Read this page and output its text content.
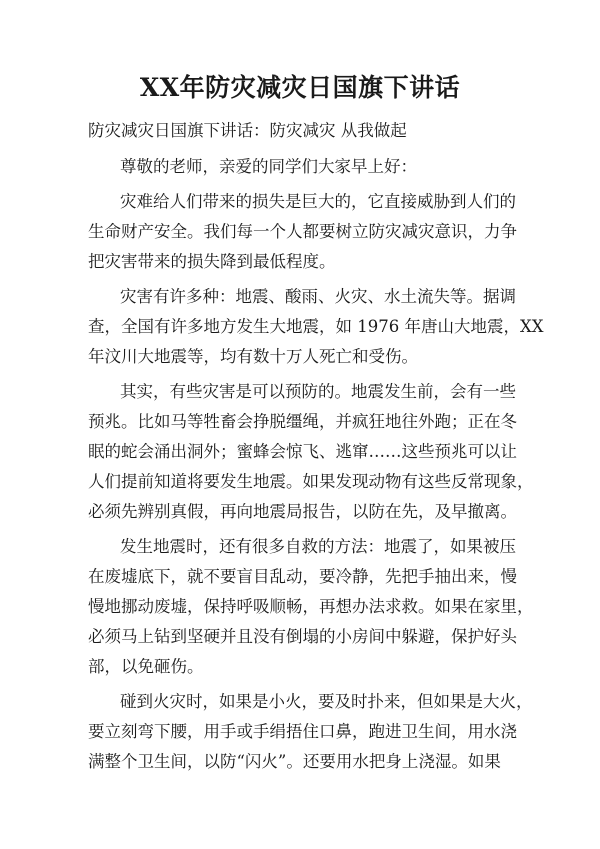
XX年防灾减灾日国旗下讲话
防灾减灾日国旗下讲话：防灾减灾 从我做起
尊敬的老师，亲爱的同学们大家早上好：
灾难给人们带来的损失是巨大的，它直接威胁到人们的
生命财产安全。我们每一个人都要树立防灾减灾意识，力争
把灾害带来的损失降到最低程度。
灾害有许多种：地震、酸雨、火灾、水土流失等。据调
查，全国有许多地方发生大地震，如 1976 年唐山大地震，XX
年汶川大地震等，均有数十万人死亡和受伤。
其实，有些灾害是可以预防的。地震发生前，会有一些
预兆。比如马等牲畜会挣脱缰绳，并疯狂地往外跑；正在冬
眠的蛇会涌出洞外；蜜蜂会惊飞、逃窜……这些预兆可以让
人们提前知道将要发生地震。如果发现动物有这些反常现象，
必须先辨别真假，再向地震局报告，以防在先，及早撤离。
发生地震时，还有很多自救的方法：地震了，如果被压
在废墟底下，就不要盲目乱动，要冷静，先把手抽出来，慢
慢地挪动废墟，保持呼吸顺畅，再想办法求救。如果在家里，
必须马上钻到坚硬并且没有倒塌的小房间中躲避，保护好头
部，以免砸伤。
碰到火灾时，如果是小火，要及时扑来，但如果是大火，
要立刻弯下腰，用手或手绢捂住口鼻，跑进卫生间，用水浇
满整个卫生间，以防“闪火”。还要用水把身上浇湿。如果
